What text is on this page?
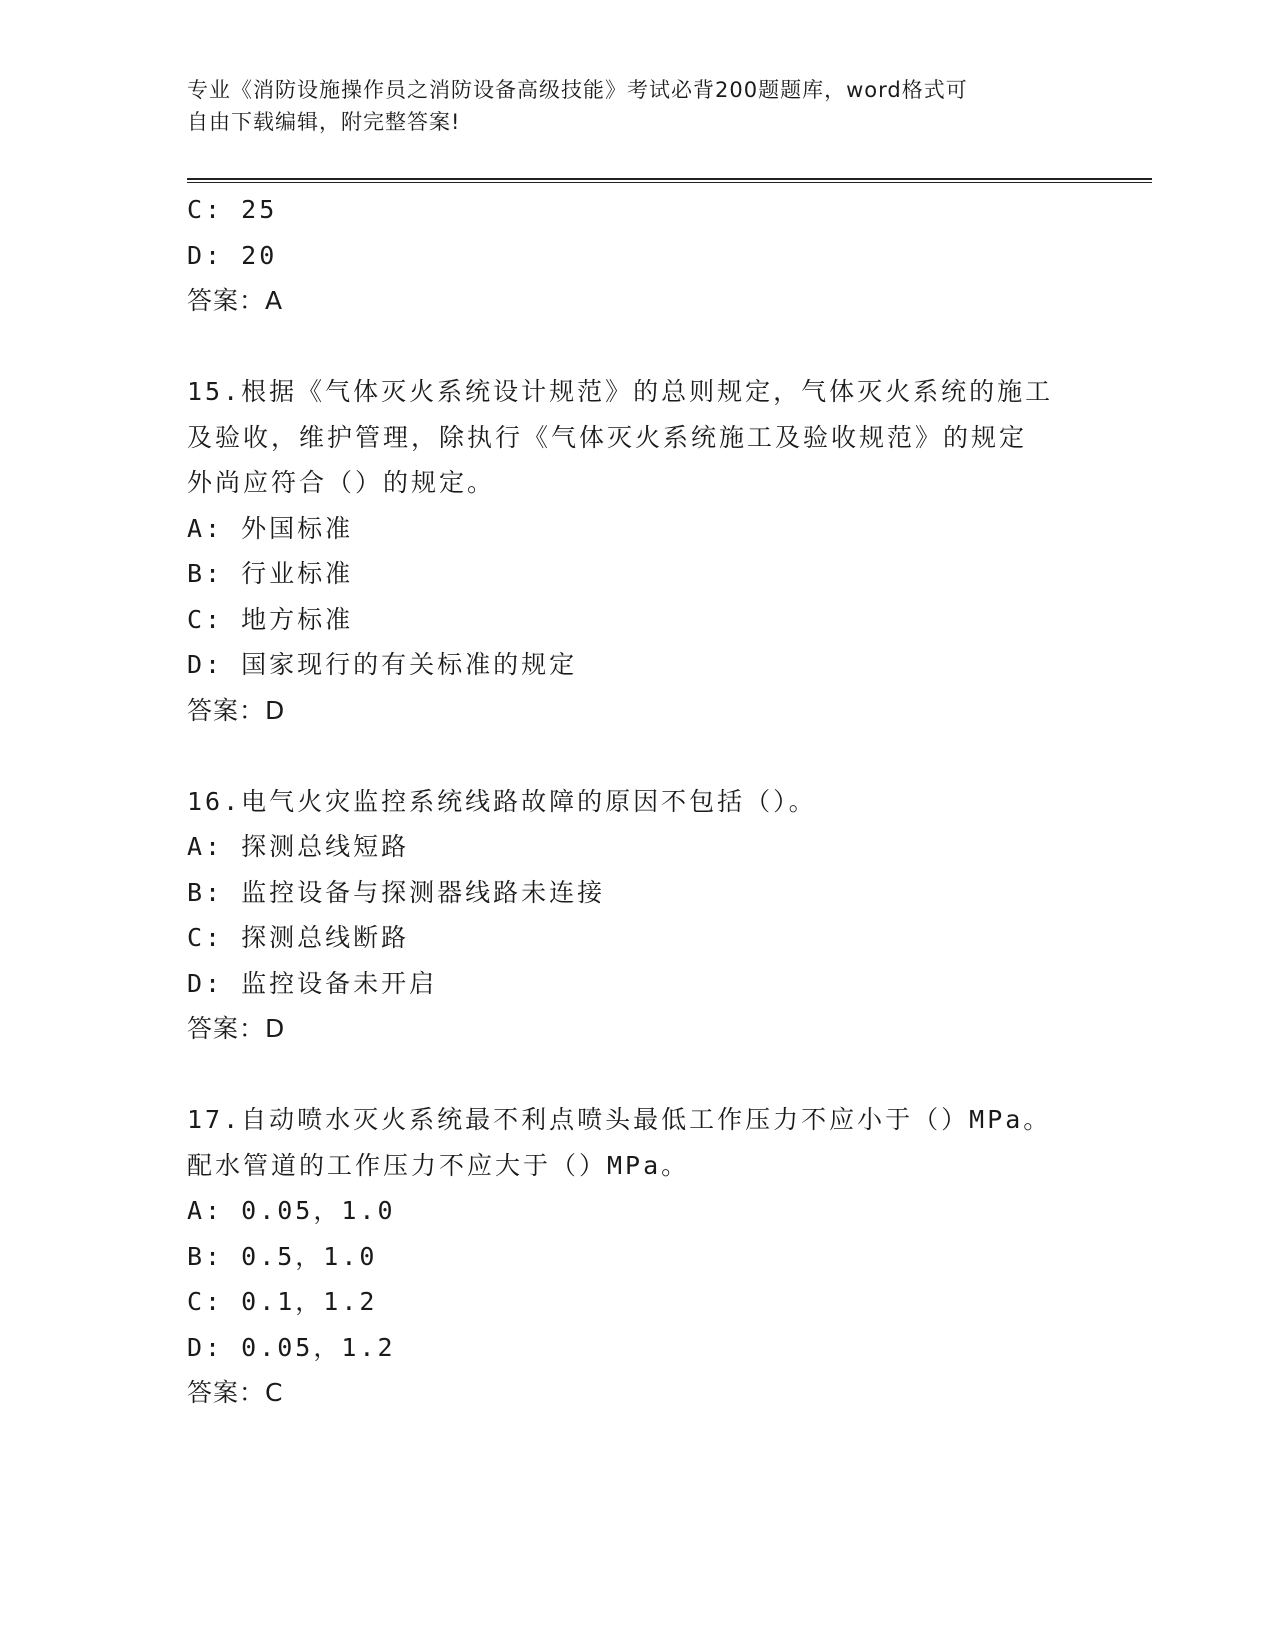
专业《消防设施操作员之消防设备高级技能》考试必背200题题库，word格式可
自由下载编辑，附完整答案!
C: 25
D: 20
答案：A
15.根据《气体灭火系统设计规范》的总则规定，气体灭火系统的施工
及验收，维护管理，除执行《气体灭火系统施工及验收规范》的规定
外尚应符合（）的规定。
A: 外国标准
B: 行业标准
C: 地方标准
D: 国家现行的有关标准的规定
答案：D
16.电气火灾监控系统线路故障的原因不包括（）。
A: 探测总线短路
B: 监控设备与探测器线路未连接
C: 探测总线断路
D: 监控设备未开启
答案：D
17.自动喷水灭火系统最不利点喷头最低工作压力不应小于（）MPa。
配水管道的工作压力不应大于（）MPa。
A: 0.05，1.0
B: 0.5，1.0
C: 0.1，1.2
D: 0.05，1.2
答案：C
